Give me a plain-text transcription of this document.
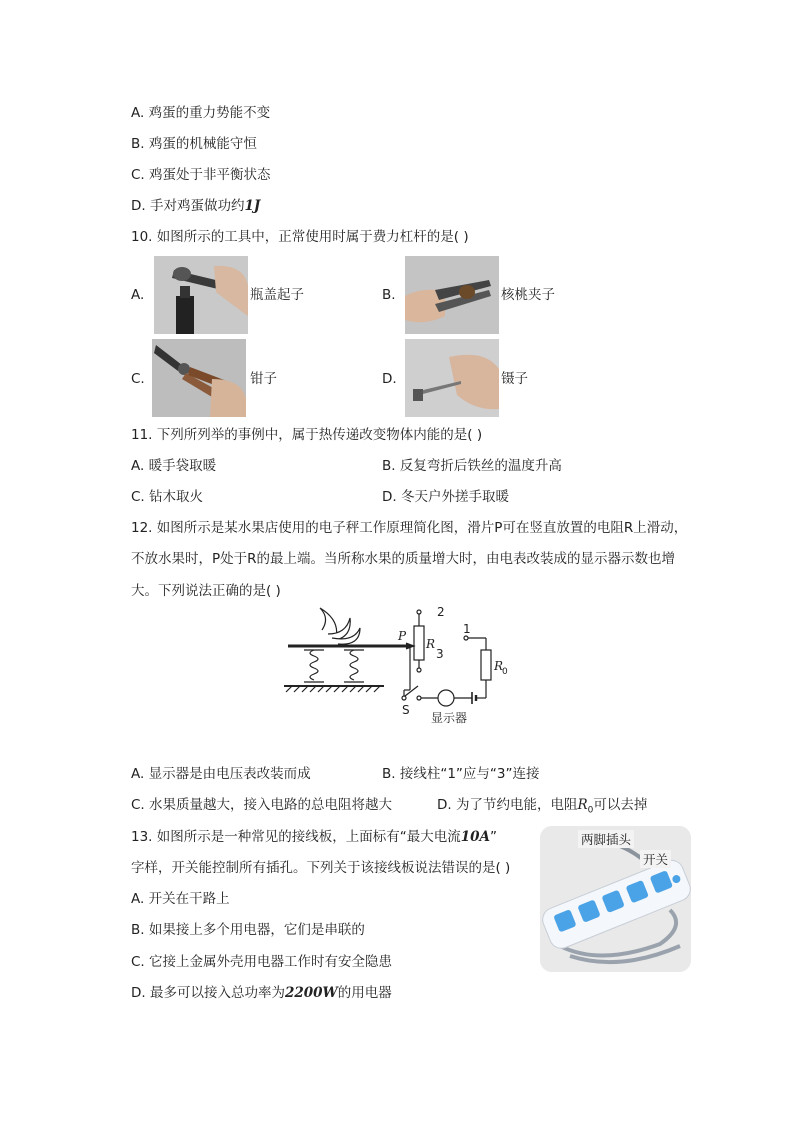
A. 鸡蛋的重力势能不变
B. 鸡蛋的机械能守恒
C. 鸡蛋处于非平衡状态
D. 手对鸡蛋做功约1J
10. 如图所示的工具中，正常使用时属于费力杠杆的是( )
A.	瓶盖起子	B.	核桃夹子
C.	钳子	D.	镊子
11. 下列所列举的事例中，属于热传递改变物体内能的是( )
A. 暖手袋取暖	B. 反复弯折后铁丝的温度升高
C. 钻木取火	D. 冬天户外搓手取暖
12. 如图所示是某水果店使用的电子秤工作原理简化图，滑片P可在竖直放置的电阻R上滑动，
不放水果时，P处于R的最上端。当所称水果的质量增大时，由电表改装成的显示器示数也增
大。下列说法正确的是( )
2
1
3
P
R
R
0
S
显示器
A. 显示器是由电压表改装而成	B. 接线柱“1”应与“3”连接
C. 水果质量越大，接入电路的总电阻将越大	D. 为了节约电能，电阻$R_0$可以去掉
13. 如图所示是一种常见的接线板，上面标有“最大电流10A”
字样，开关能控制所有插孔。下列关于该接线板说法错误的是( )
A. 开关在干路上
B. 如果接上多个用电器，它们是串联的
C. 它接上金属外壳用电器工作时有安全隐患
D. 最多可以接入总功率为2200W的用电器
两脚插头
开关
